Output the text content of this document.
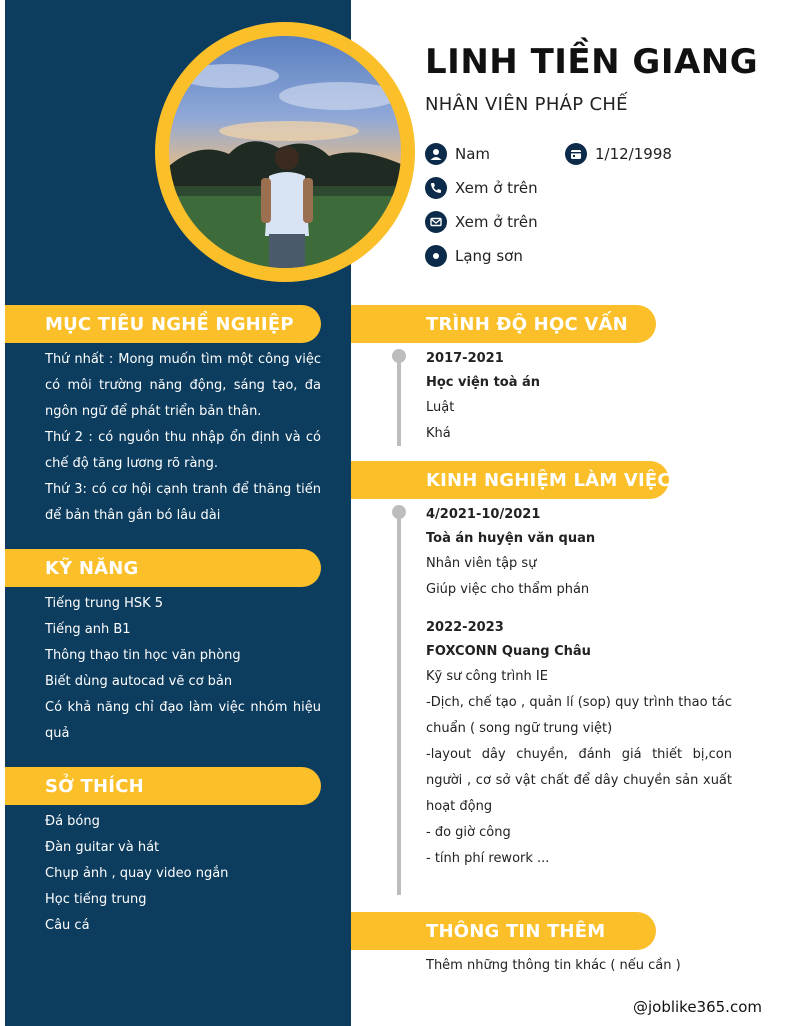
LINH TIỀN GIANG
NHÂN VIÊN PHÁP CHẾ
Nam	1/12/1998
Xem ở trên
Xem ở trên
Lạng sơn
MỤC TIÊU NGHỀ NGHIỆP

Thứ nhất : Mong muốn tìm một công việc có môi trường năng động, sáng tạo, đa ngôn ngữ để phát triển bản thân.

Thứ 2 : có nguồn thu nhập ổn định và có chế độ tăng lương rõ ràng.

Thứ 3: có cơ hội cạnh tranh để thăng tiến để bản thân gắn bó lâu dài

KỸ NĂNG

Tiếng trung HSK 5

Tiếng anh B1

Thông thạo tin học văn phòng

Biết dùng autocad vẽ cơ bản

Có khả năng chỉ đạo làm việc nhóm hiệu quả

SỞ THÍCH

Đá bóng

Đàn guitar và hát

Chụp ảnh , quay video ngắn

Học tiếng trung

Câu cá

TRÌNH ĐỘ HỌC VẤN
2017-2021
Học viện toà án
Luật
Khá
KINH NGHIỆM LÀM VIỆC
4/2021-10/2021
Toà án huyện văn quan
Nhân viên tập sự
Giúp việc cho thẩm phán
2022-2023
FOXCONN Quang Châu
Kỹ sư công trình IE
-Dịch, chế tạo , quản lí (sop) quy trình thao tác chuẩn ( song ngữ trung việt)
-layout dây chuyền, đánh giá thiết bị,con người , cơ sở vật chất để dây chuyền sản xuất hoạt động
- đo giờ công
- tính phí rework ...
THÔNG TIN THÊM
Thêm những thông tin khác ( nếu cần )
@joblike365.com
